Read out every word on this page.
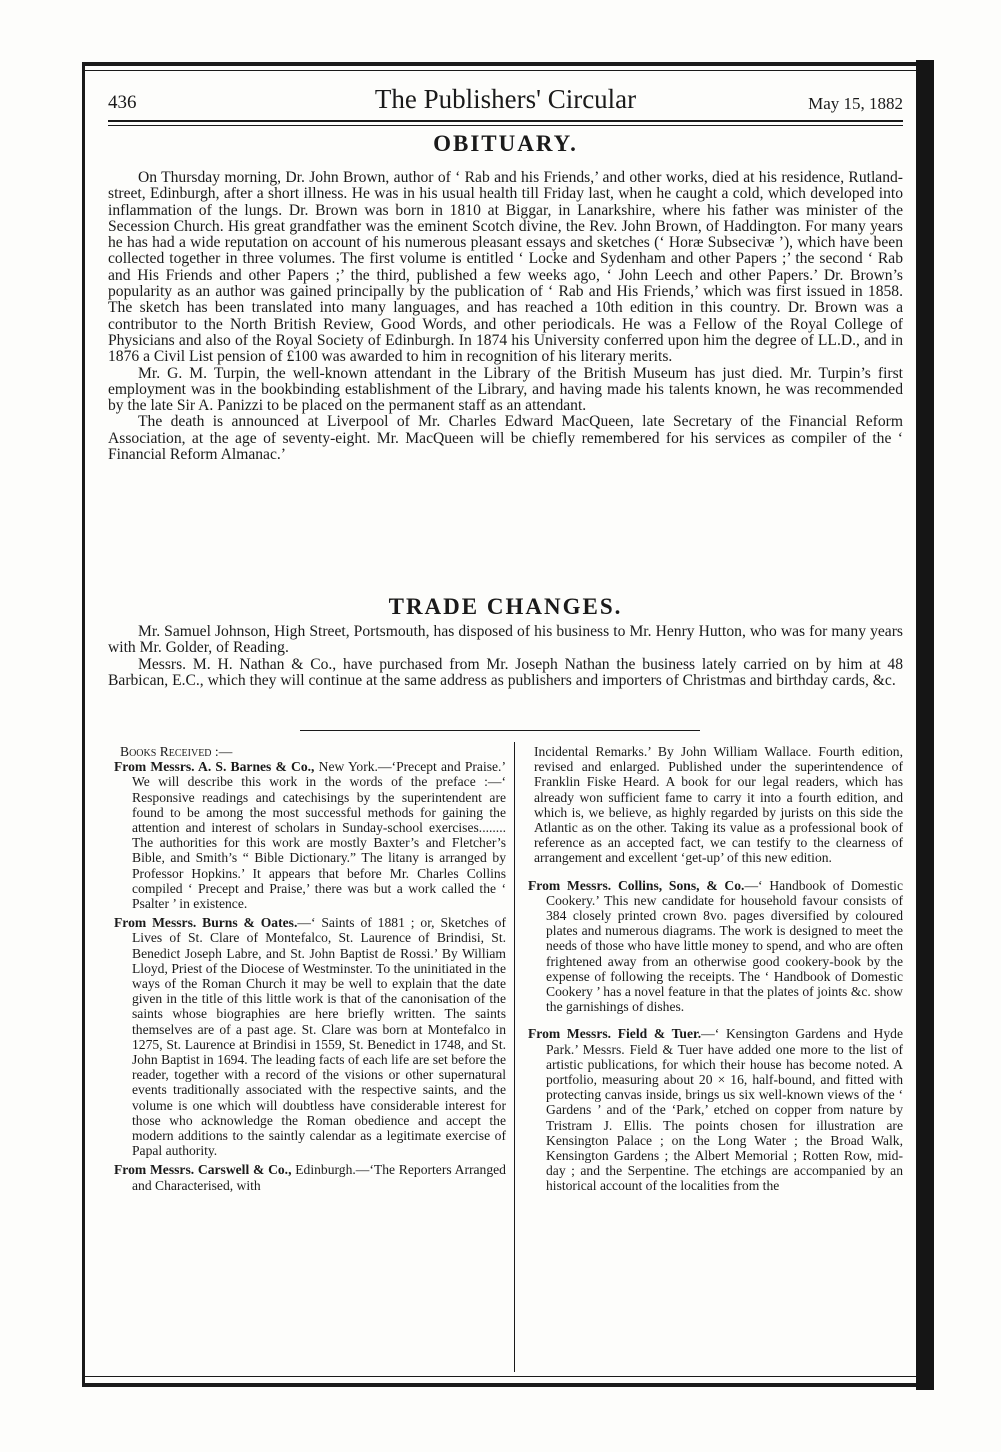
436	The Publishers' Circular	May 15, 1882
OBITUARY.

On Thursday morning, Dr. John Brown, author of ‘ Rab and his Friends,’ and other works, died at his residence, Rutland-street, Edinburgh, after a short illness. He was in his usual health till Friday last, when he caught a cold, which developed into inflammation of the lungs. Dr. Brown was born in 1810 at Biggar, in Lanarkshire, where his father was minister of the Secession Church. His great grandfather was the eminent Scotch divine, the Rev. John Brown, of Haddington. For many years he has had a wide reputation on account of his numerous pleasant essays and sketches (‘ Horæ Subsecivæ ’), which have been collected together in three volumes. The first volume is entitled ‘ Locke and Sydenham and other Papers ;’ the second ‘ Rab and His Friends and other Papers ;’ the third, published a few weeks ago, ‘ John Leech and other Papers.’ Dr. Brown’s popularity as an author was gained principally by the publication of ‘ Rab and His Friends,’ which was first issued in 1858. The sketch has been translated into many languages, and has reached a 10th edition in this country. Dr. Brown was a contributor to the North British Review, Good Words, and other periodicals. He was a Fellow of the Royal College of Physicians and also of the Royal Society of Edinburgh. In 1874 his University conferred upon him the degree of LL.D., and in 1876 a Civil List pension of £100 was awarded to him in recognition of his literary merits.

Mr. G. M. Turpin, the well-known attendant in the Library of the British Museum has just died. Mr. Turpin’s first employment was in the bookbinding establishment of the Library, and having made his talents known, he was recommended by the late Sir A. Panizzi to be placed on the permanent staff as an attendant.

The death is announced at Liverpool of Mr. Charles Edward MacQueen, late Secretary of the Financial Reform Association, at the age of seventy-eight. Mr. MacQueen will be chiefly remembered for his services as compiler of the ‘ Financial Reform Almanac.’

TRADE CHANGES.

Mr. Samuel Johnson, High Street, Portsmouth, has disposed of his business to Mr. Henry Hutton, who was for many years with Mr. Golder, of Reading.

Messrs. M. H. Nathan & Co., have purchased from Mr. Joseph Nathan the business lately carried on by him at 48 Barbican, E.C., which they will continue at the same address as publishers and importers of Christmas and birthday cards, &c.

Books Received :—

From Messrs. A. S. Barnes & Co., New York.—‘Precept and Praise.’ We will describe this work in the words of the preface :—‘ Responsive readings and catechisings by the superintendent are found to be among the most successful methods for gaining the attention and interest of scholars in Sunday-school exercises........ The authorities for this work are mostly Baxter’s and Fletcher’s Bible, and Smith’s “ Bible Dictionary.” The litany is arranged by Professor Hopkins.’ It appears that before Mr. Charles Collins compiled ‘ Precept and Praise,’ there was but a work called the ‘ Psalter ’ in existence.

From Messrs. Burns & Oates.—‘ Saints of 1881 ; or, Sketches of Lives of St. Clare of Montefalco, St. Laurence of Brindisi, St. Benedict Joseph Labre, and St. John Baptist de Rossi.’ By William Lloyd, Priest of the Diocese of Westminster. To the uninitiated in the ways of the Roman Church it may be well to explain that the date given in the title of this little work is that of the canonisation of the saints whose biographies are here briefly written. The saints themselves are of a past age. St. Clare was born at Montefalco in 1275, St. Laurence at Brindisi in 1559, St. Benedict in 1748, and St. John Baptist in 1694. The leading facts of each life are set before the reader, together with a record of the visions or other supernatural events traditionally associated with the respective saints, and the volume is one which will doubtless have considerable interest for those who acknowledge the Roman obedience and accept the modern additions to the saintly calendar as a legitimate exercise of Papal authority.

From Messrs. Carswell & Co., Edinburgh.—‘The Reporters Arranged and Characterised, with

Incidental Remarks.’ By John William Wallace. Fourth edition, revised and enlarged. Published under the superintendence of Franklin Fiske Heard. A book for our legal readers, which has already won sufficient fame to carry it into a fourth edition, and which is, we believe, as highly regarded by jurists on this side the Atlantic as on the other. Taking its value as a professional book of reference as an accepted fact, we can testify to the clearness of arrangement and excellent ‘get-up’ of this new edition.

From Messrs. Collins, Sons, & Co.—‘ Handbook of Domestic Cookery.’ This new candidate for household favour consists of 384 closely printed crown 8vo. pages diversified by coloured plates and numerous diagrams. The work is designed to meet the needs of those who have little money to spend, and who are often frightened away from an otherwise good cookery-book by the expense of following the receipts. The ‘ Handbook of Domestic Cookery ’ has a novel feature in that the plates of joints &c. show the garnishings of dishes.

From Messrs. Field & Tuer.—‘ Kensington Gardens and Hyde Park.’ Messrs. Field & Tuer have added one more to the list of artistic publications, for which their house has become noted. A portfolio, measuring about 20 × 16, half-bound, and fitted with protecting canvas inside, brings us six well-known views of the ‘ Gardens ’ and of the ‘Park,’ etched on copper from nature by Tristram J. Ellis. The points chosen for illustration are Kensington Palace ; on the Long Water ; the Broad Walk, Kensington Gardens ; the Albert Memorial ; Rotten Row, mid-day ; and the Serpentine. The etchings are accompanied by an historical account of the localities from the
